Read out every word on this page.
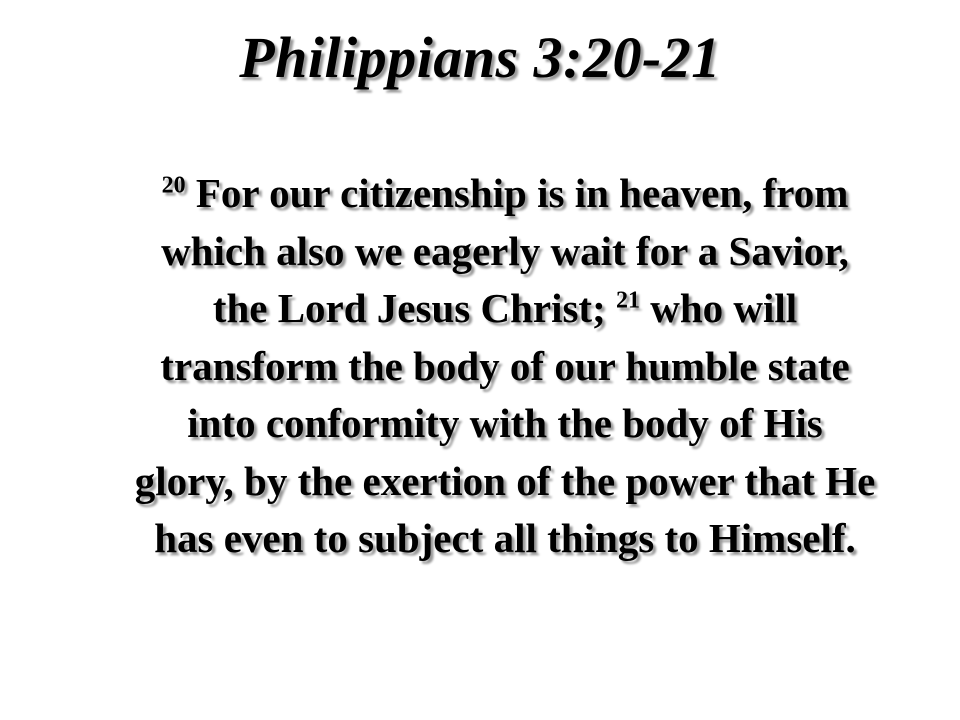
Philippians 3:20-21
$^{20}$ For our citizenship is in heaven, from
which also we eagerly wait for a Savior,
the Lord Jesus Christ; $^{21}$ who will
transform the body of our humble state
into conformity with the body of His
glory, by the exertion of the power that He
has even to subject all things to Himself.
